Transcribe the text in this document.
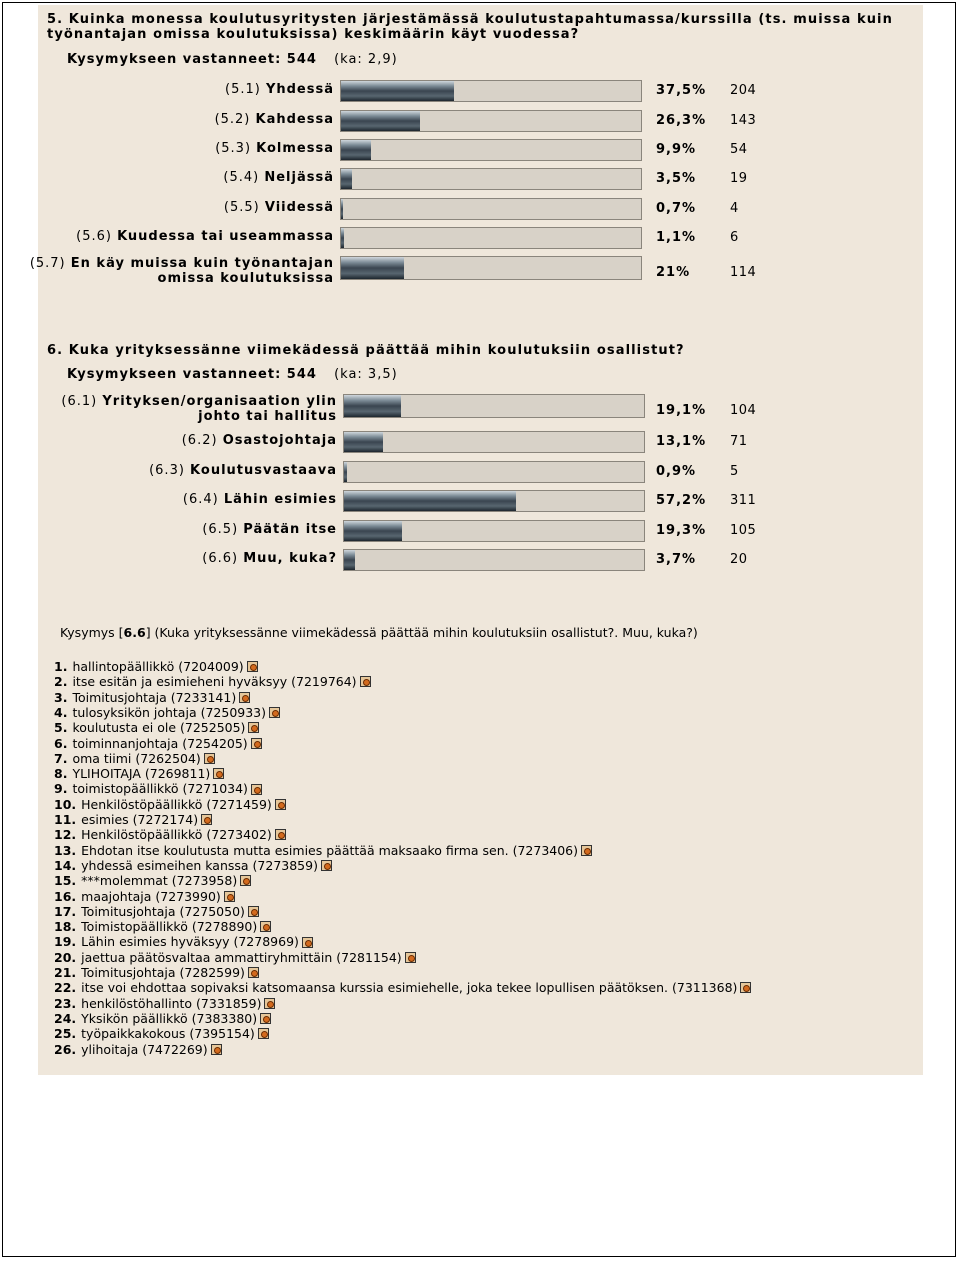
5. Kuinka monessa koulutusyritysten järjestämässä koulutustapahtumassa/kurssilla (ts. muissa kuin
työnantajan omissa koulutuksissa) keskimäärin käyt vuodessa?
Kysymykseen vastanneet: 544 (ka: 2,9)
(5.1) Yhdessä	37,5% 204
(5.2) Kahdessa	26,3% 143
(5.3) Kolmessa	9,9%	54
(5.4) Neljässä	3,5%	19
(5.5) Viidessä	0,7%	4
(5.6) Kuudessa tai useammassa	1,1%	6
(5.7) En käy muissa kuin työnantajan
omissa koulutuksissa	21%	114
6. Kuka yrityksessänne viimekädessä päättää mihin koulutuksiin osallistut?
Kysymykseen vastanneet: 544 (ka: 3,5)
(6.1) Yrityksen/organisaation ylin
johto tai hallitus	19,1% 104
(6.2) Osastojohtaja	13,1% 71
(6.3) Koulutusvastaava	0,9%	5
(6.4) Lähin esimies	57,2% 311
(6.5) Päätän itse	19,3% 105
(6.6) Muu, kuka?	3,7%	20
Kysymys [6.6] (Kuka yrityksessänne viimekädessä päättää mihin koulutuksiin osallistut?. Muu, kuka?)
1. hallintopäällikkö (7204009)
2. itse esitän ja esimieheni hyväksyy (7219764)
3. Toimitusjohtaja (7233141)
4. tulosyksikön johtaja (7250933)
5. koulutusta ei ole (7252505)
6. toiminnanjohtaja (7254205)
7. oma tiimi (7262504)
8. YLIHOITAJA (7269811)
9. toimistopäällikkö (7271034)
10. Henkilöstöpäällikkö (7271459)
11. esimies (7272174)
12. Henkilöstöpäällikkö (7273402)
13. Ehdotan itse koulutusta mutta esimies päättää maksaako firma sen. (7273406)
14. yhdessä esimeihen kanssa (7273859)
15. ***molemmat (7273958)
16. maajohtaja (7273990)
17. Toimitusjohtaja (7275050)
18. Toimistopäällikkö (7278890)
19. Lähin esimies hyväksyy (7278969)
20. jaettua päätösvaltaa ammattiryhmittäin (7281154)
21. Toimitusjohtaja (7282599)
22. itse voi ehdottaa sopivaksi katsomaansa kurssia esimiehelle, joka tekee lopullisen päätöksen. (7311368)
23. henkilöstöhallinto (7331859)
24. Yksikön päällikkö (7383380)
25. työpaikkakokous (7395154)
26. ylihoitaja (7472269)
